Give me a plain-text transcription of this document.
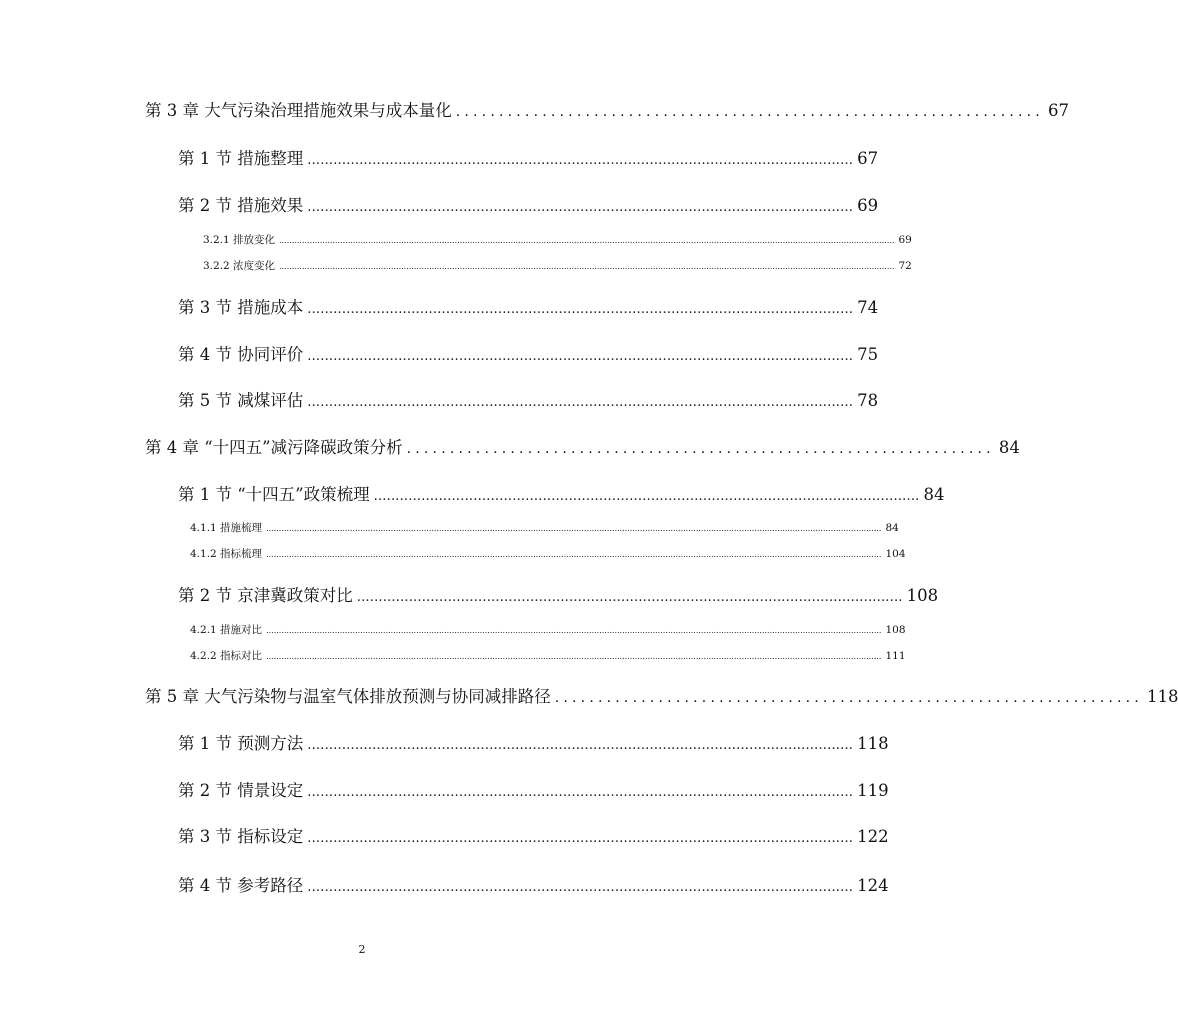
第 3 章 大气污染治理措施效果与成本量化 .................................................................... 67
第 1 节 措施整理 .............................................................................................................................. 67
第 2 节 措施效果 .............................................................................................................................. 69
3.2.1 排放变化 .................................................................................................................................................................................................................................................. 69
3.2.2 浓度变化 .................................................................................................................................................................................................................................................. 72
第 3 节 措施成本 .............................................................................................................................. 74
第 4 节 协同评价 .............................................................................................................................. 75
第 5 节 减煤评估 .............................................................................................................................. 78
第 4 章 “十四五”减污降碳政策分析 .................................................................... 84
第 1 节 “十四五”政策梳理 .............................................................................................................................. 84
4.1.1 措施梳理 .................................................................................................................................................................................................................................................. 84
4.1.2 指标梳理 .................................................................................................................................................................................................................................................. 104
第 2 节 京津冀政策对比 .............................................................................................................................. 108
4.2.1 措施对比 .................................................................................................................................................................................................................................................. 108
4.2.2 指标对比 .................................................................................................................................................................................................................................................. 111
第 5 章 大气污染物与温室气体排放预测与协同减排路径 .................................................................... 118
第 1 节 预测方法 .............................................................................................................................. 118
第 2 节 情景设定 .............................................................................................................................. 119
第 3 节 指标设定 .............................................................................................................................. 122
第 4 节 参考路径 .............................................................................................................................. 124
2
